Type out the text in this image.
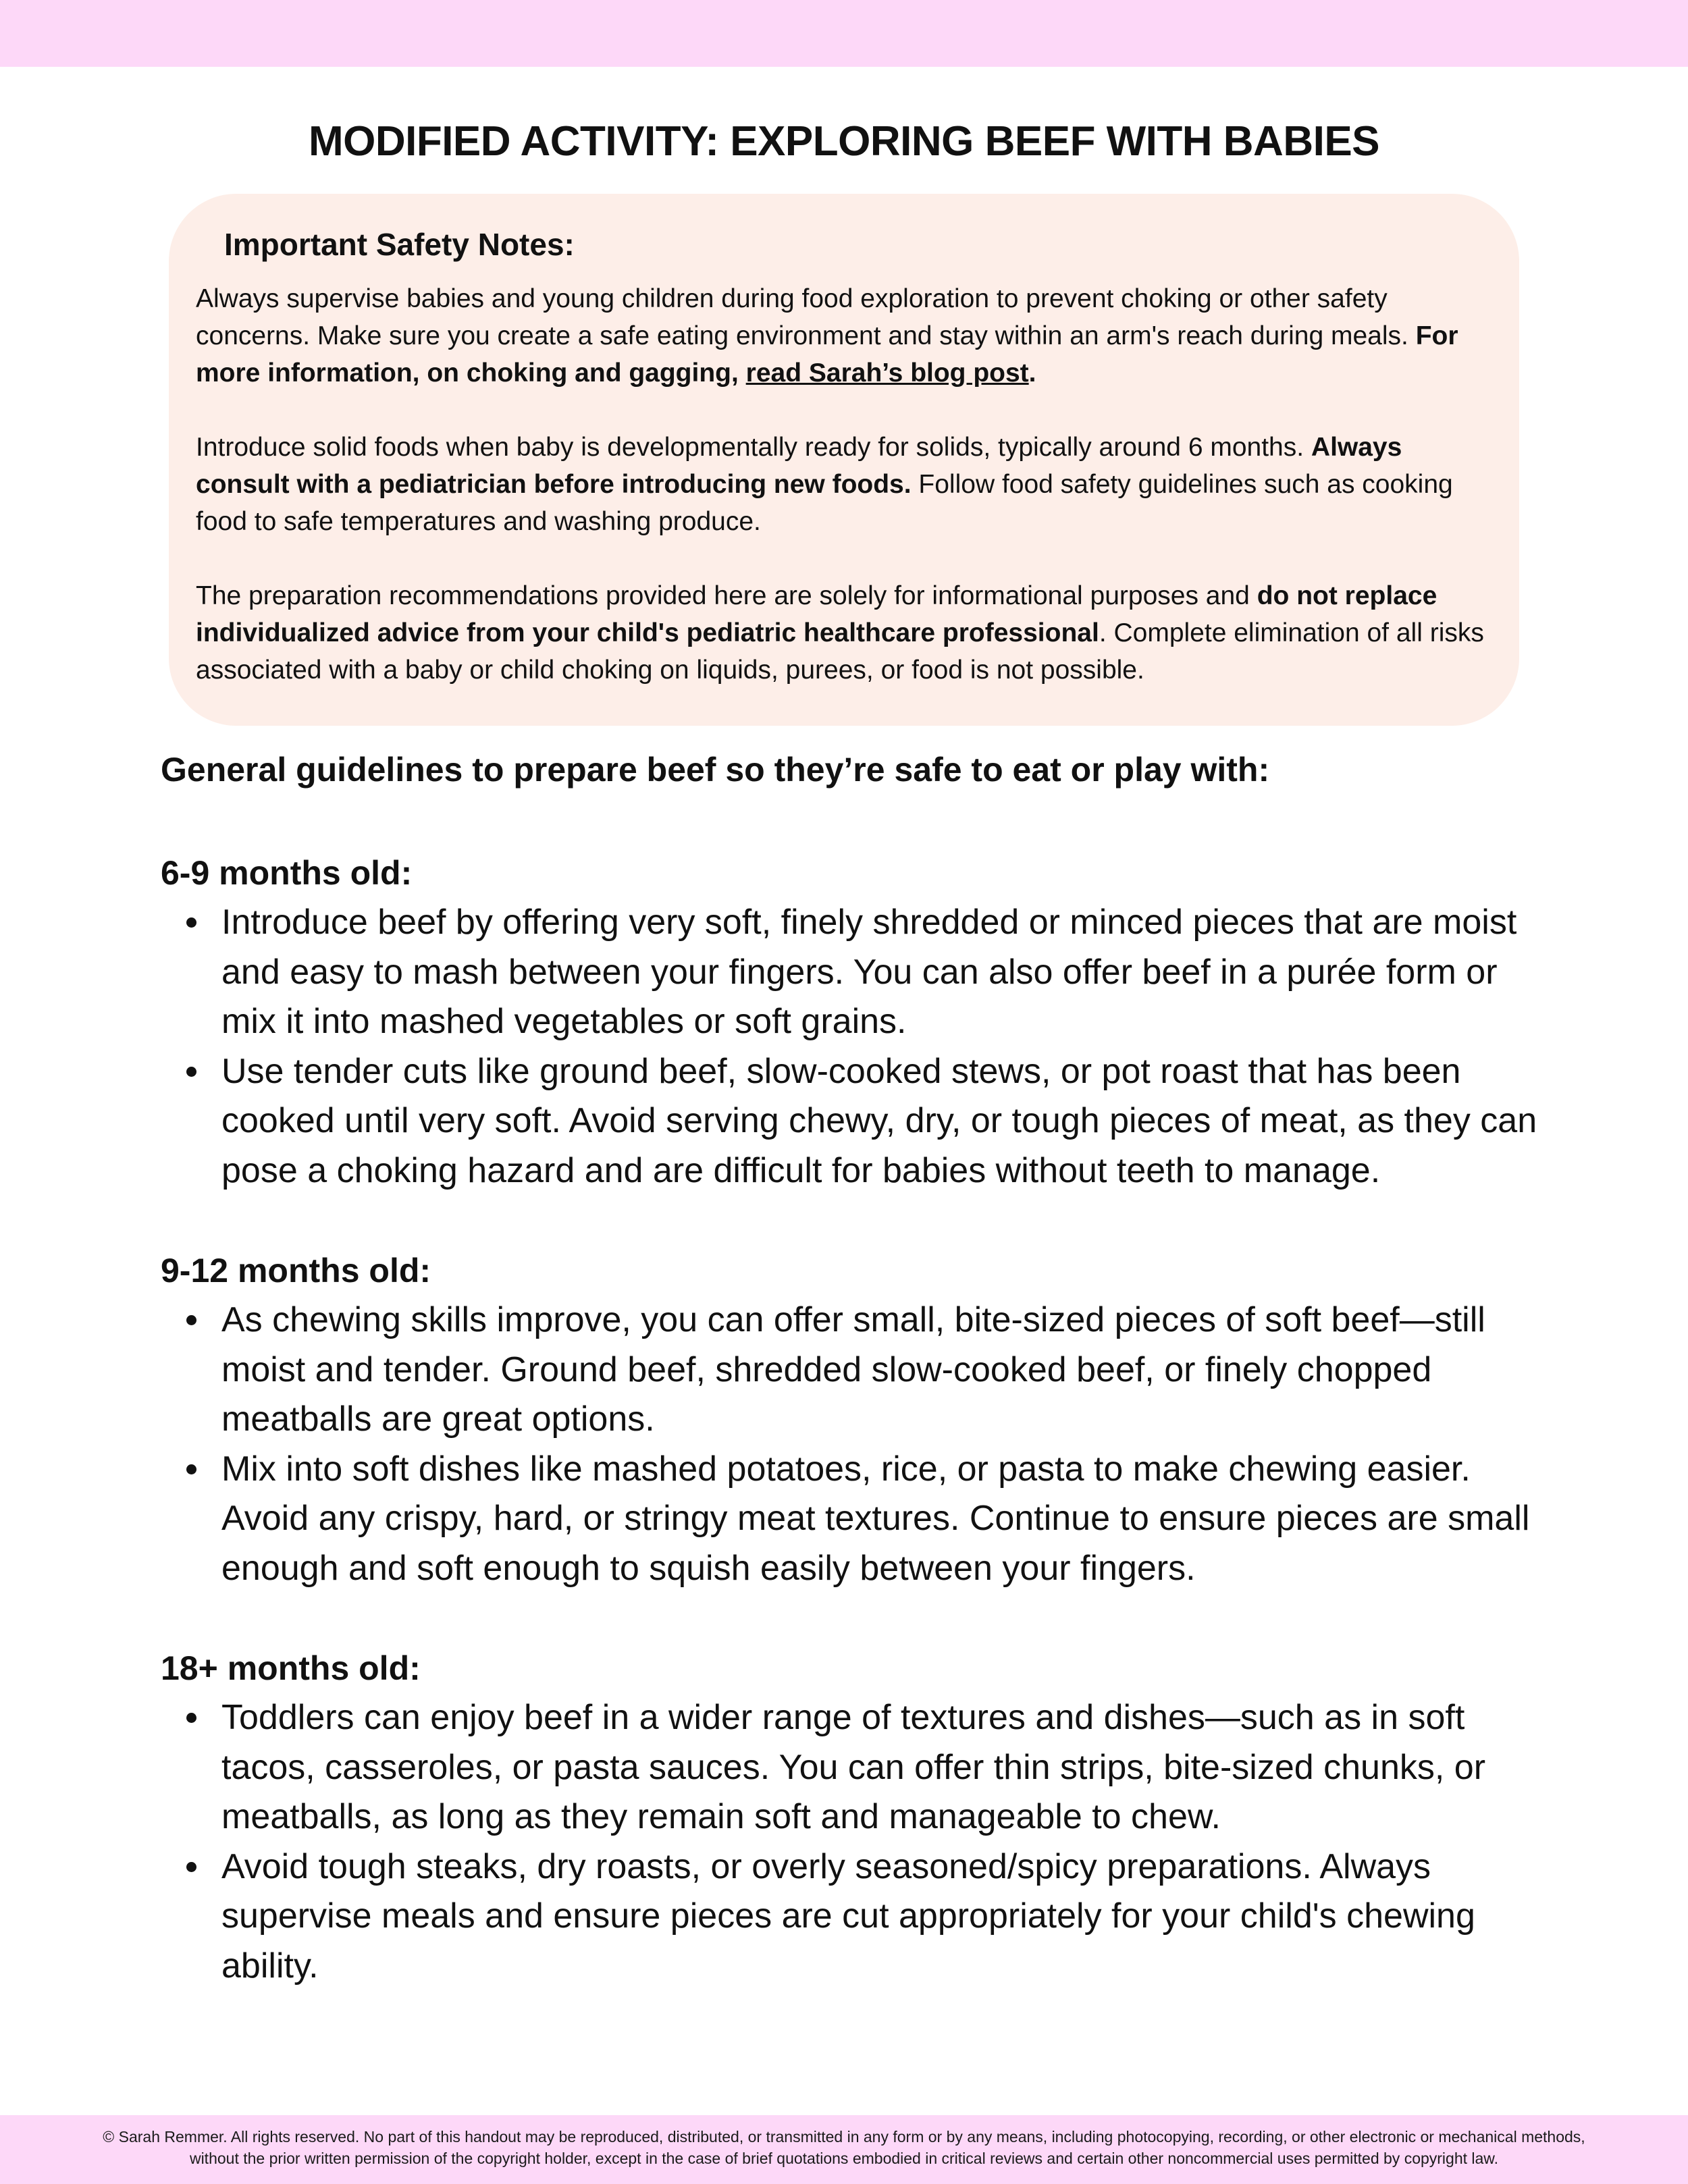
MODIFIED ACTIVITY: EXPLORING BEEF WITH BABIES
Important Safety Notes:

Always supervise babies and young children during food exploration to prevent choking or other safety concerns. Make sure you create a safe eating environment and stay within an arm's reach during meals. For more information, on choking and gagging, read Sarah’s blog post.

Introduce solid foods when baby is developmentally ready for solids, typically around 6 months. Always consult with a pediatrician before introducing new foods. Follow food safety guidelines such as cooking food to safe temperatures and washing produce.

The preparation recommendations provided here are solely for informational purposes and do not replace individualized advice from your child's pediatric healthcare professional. Complete elimination of all risks associated with a baby or child choking on liquids, purees, or food is not possible.

General guidelines to prepare beef so they’re safe to eat or play with:
6-9 months old:
Introduce beef by offering very soft, finely shredded or minced pieces that are moist and easy to mash between your fingers. You can also offer beef in a purée form or mix it into mashed vegetables or soft grains.
Use tender cuts like ground beef, slow-cooked stews, or pot roast that has been cooked until very soft. Avoid serving chewy, dry, or tough pieces of meat, as they can pose a choking hazard and are difficult for babies without teeth to manage.
9-12 months old:
As chewing skills improve, you can offer small, bite-sized pieces of soft beef—still moist and tender. Ground beef, shredded slow-cooked beef, or finely chopped meatballs are great options.
Mix into soft dishes like mashed potatoes, rice, or pasta to make chewing easier. Avoid any crispy, hard, or stringy meat textures. Continue to ensure pieces are small enough and soft enough to squish easily between your fingers.
18+ months old:
Toddlers can enjoy beef in a wider range of textures and dishes—such as in soft tacos, casseroles, or pasta sauces. You can offer thin strips, bite-sized chunks, or meatballs, as long as they remain soft and manageable to chew.
Avoid tough steaks, dry roasts, or overly seasoned/spicy preparations. Always supervise meals and ensure pieces are cut appropriately for your child's chewing ability.

© Sarah Remmer. All rights reserved. No part of this handout may be reproduced, distributed, or transmitted in any form or by any means, including photocopying, recording, or other electronic or mechanical methods, without the prior written permission of the copyright holder, except in the case of brief quotations embodied in critical reviews and certain other noncommercial uses permitted by copyright law.
